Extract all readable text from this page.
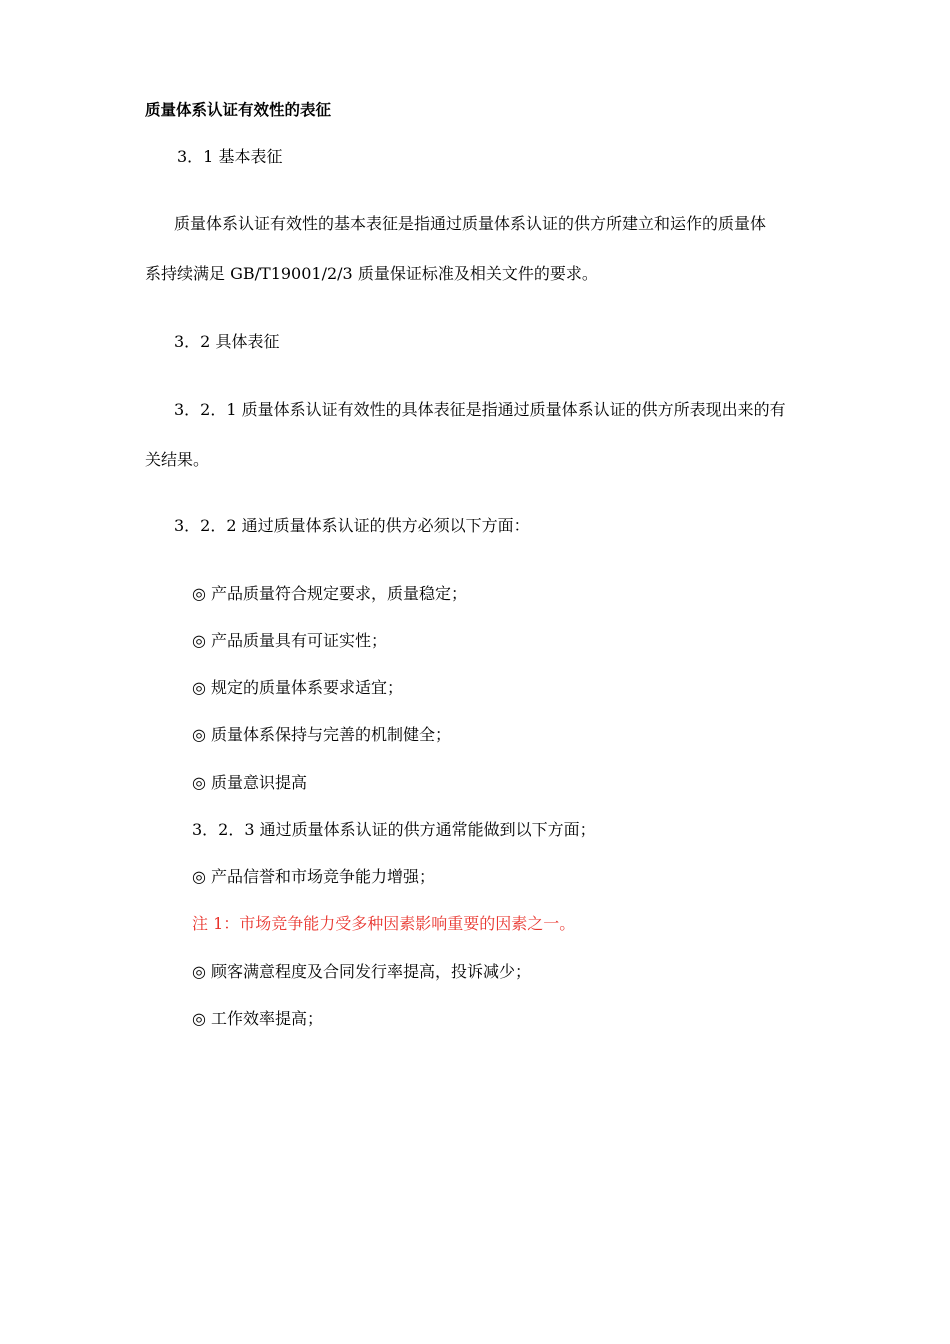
质量体系认证有效性的表征
3．1 基本表征
质量体系认证有效性的基本表征是指通过质量体系认证的供方所建立和运作的质量体
系持续满足 GB/T19001/2/3 质量保证标准及相关文件的要求。
3．2 具体表征
3．2．1 质量体系认证有效性的具体表征是指通过质量体系认证的供方所表现出来的有
关结果。
3．2．2 通过质量体系认证的供方必须以下方面：
◎ 产品质量符合规定要求，质量稳定；
◎ 产品质量具有可证实性；
◎ 规定的质量体系要求适宜；
◎ 质量体系保持与完善的机制健全；
◎ 质量意识提高
3．2．3 通过质量体系认证的供方通常能做到以下方面；
◎ 产品信誉和市场竞争能力增强；
注 1：市场竞争能力受多种因素影响重要的因素之一。
◎ 顾客满意程度及合同发行率提高，投诉减少；
◎ 工作效率提高；
